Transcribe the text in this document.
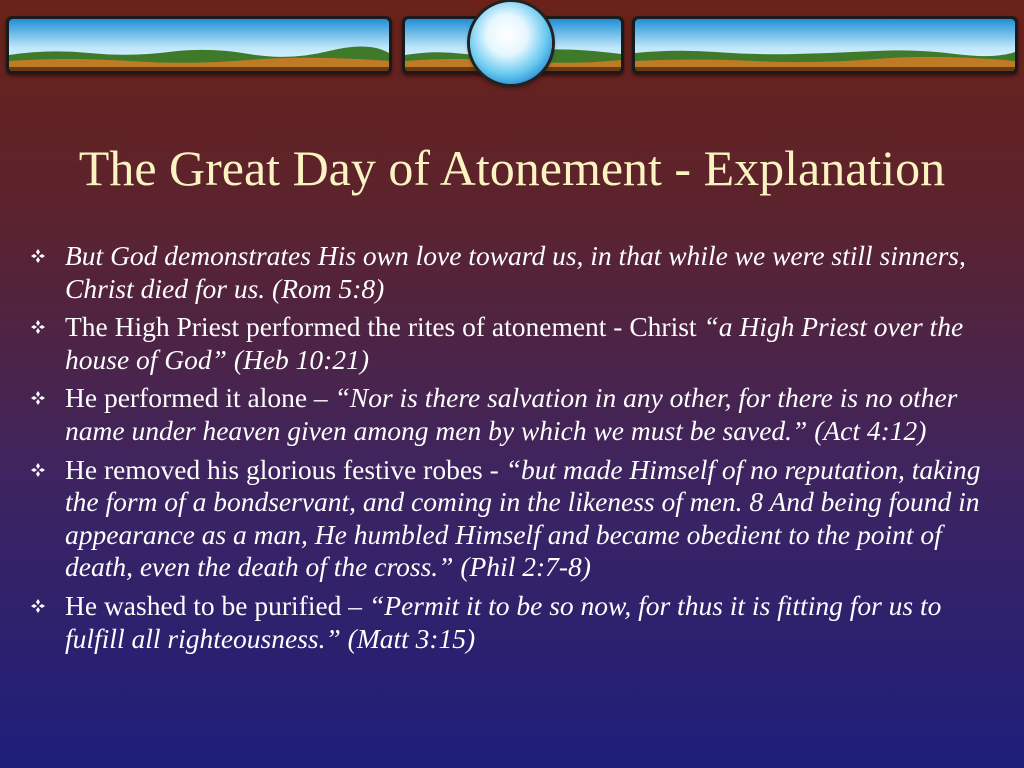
The Great Day of Atonement - Explanation
But God demonstrates His own love toward us, in that while we were still sinners, Christ died for us. (Rom 5:8)
The High Priest performed the rites of atonement - Christ “a High Priest over the house of God” (Heb 10:21)
He performed it alone – “Nor is there salvation in any other, for there is no other name under heaven given among men by which we must be saved.” (Act 4:12)
He removed his glorious festive robes - “but made Himself of no reputation, taking the form of a bondservant, and coming in the likeness of men. 8 And being found in appearance as a man, He humbled Himself and became obedient to the point of death, even the death of the cross.” (Phil 2:7-8)
He washed to be purified – “Permit it to be so now, for thus it is fitting for us to fulfill all righteousness.” (Matt 3:15)
